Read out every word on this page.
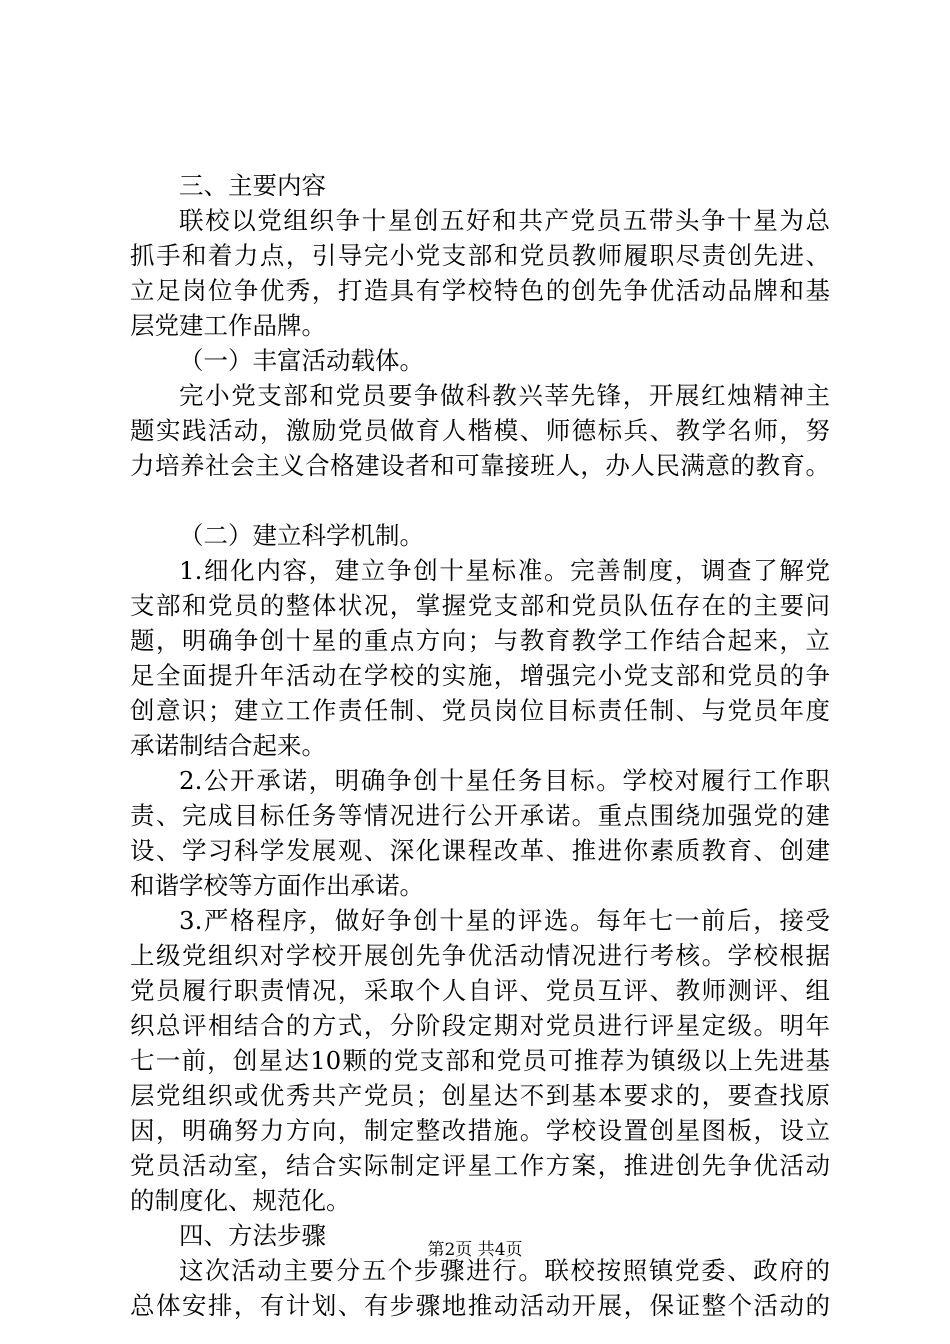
三、主要内容
联校以党组织争十星创五好和共产党员五带头争十星为总
抓手和着力点，引导完小党支部和党员教师履职尽责创先进、
立足岗位争优秀，打造具有学校特色的创先争优活动品牌和基
层党建工作品牌。
（一）丰富活动载体。
完小党支部和党员要争做科教兴莘先锋，开展红烛精神主
题实践活动，激励党员做育人楷模、师德标兵、教学名师，努
力培养社会主义合格建设者和可靠接班人，办人民满意的教育。
（二）建立科学机制。
1.细化内容，建立争创十星标准。完善制度，调查了解党
支部和党员的整体状况，掌握党支部和党员队伍存在的主要问
题，明确争创十星的重点方向；与教育教学工作结合起来，立
足全面提升年活动在学校的实施，增强完小党支部和党员的争
创意识；建立工作责任制、党员岗位目标责任制、与党员年度
承诺制结合起来。
2.公开承诺，明确争创十星任务目标。学校对履行工作职
责、完成目标任务等情况进行公开承诺。重点围绕加强党的建
设、学习科学发展观、深化课程改革、推进你素质教育、创建
和谐学校等方面作出承诺。
3.严格程序，做好争创十星的评选。每年七一前后，接受
上级党组织对学校开展创先争优活动情况进行考核。学校根据
党员履行职责情况，采取个人自评、党员互评、教师测评、组
织总评相结合的方式，分阶段定期对党员进行评星定级。明年
七一前，创星达10颗的党支部和党员可推荐为镇级以上先进基
层党组织或优秀共产党员；创星达不到基本要求的，要查找原
因，明确努力方向，制定整改措施。学校设置创星图板，设立
党员活动室，结合实际制定评星工作方案，推进创先争优活动
的制度化、规范化。
四、方法步骤
这次活动主要分五个步骤进行。联校按照镇党委、政府的
总体安排，有计划、有步骤地推动活动开展，保证整个活动的
第2页 共4页
